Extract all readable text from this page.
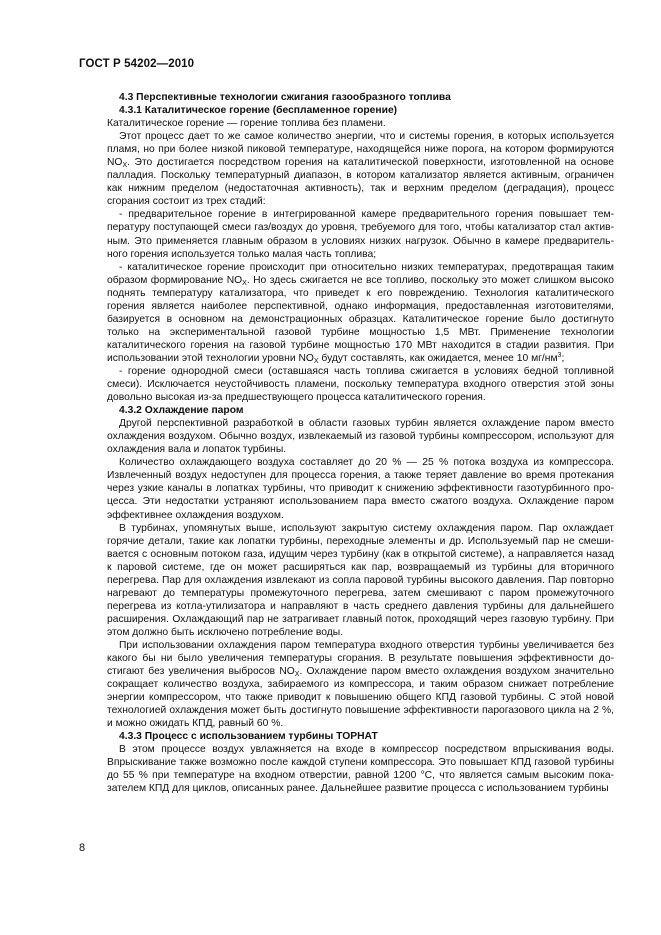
ГОСТ Р 54202—2010

4.3 Перспективные технологии сжигания газообразного топлива

4.3.1 Каталитическое горение (беспламенное горение)

Каталитическое горение — горение топлива без пламени.

Этот процесс дает то же самое количество энергии, что и системы горения, в которых используется пламя, но при более низкой пиковой температуре, находящейся ниже порога, на котором формируются $NO_X$. Это достигается посредством горения на каталитической поверхности, изготовленной на основе палладия. Поскольку температурный диапазон, в котором катализатор является активным, ограничен как нижним пределом (недостаточная активность), так и верхним пределом (деградация), процесс сгорания состоит из трех стадий:

- предварительное горение в интегрированной камере предварительного горения повышает температуру поступающей смеси газ/воздух до уровня, требуемого для того, чтобы катализатор стал активным. Это применяется главным образом в условиях низких нагрузок. Обычно в камере предварительного горения используется только малая часть топлива;

- каталитическое горение происходит при относительно низких температурах, предотвращая таким образом формирование $NO_X$. Но здесь сжигается не все топливо, поскольку это может слишком высоко поднять температуру катализатора, что приведет к его повреждению. Технология каталитического горения является наиболее перспективной, однако информация, предоставленная изготовителями, базируется в основном на демонстрационных образцах. Каталитическое горение было достигнуто только на экспериментальной газовой турбине мощностью 1,5 МВт. Применение технологии каталитического горения на газовой турбине мощностью 170 МВт находится в стадии развития. При использовании этой технологии уровни $NO_X$ будут составлять, как ожидается, менее 10 $мг/нм^3$;

- горение однородной смеси (оставшаяся часть топлива сжигается в условиях бедной топливной смеси). Исключается неустойчивость пламени, поскольку температура входного отверстия этой зоны довольно высокая из-за предшествующего процесса каталитического горения.

4.3.2 Охлаждение паром

Другой перспективной разработкой в области газовых турбин является охлаждение паром вместо охлаждения воздухом. Обычно воздух, извлекаемый из газовой турбины компрессором, используют для охлаждения вала и лопаток турбины.

Количество охлаждающего воздуха составляет до 20 % — 25 % потока воздуха из компрессора. Извлеченный воздух недоступен для процесса горения, а также теряет давление во время протекания через узкие каналы в лопатках турбины, что приводит к снижению эффективности газотурбинного процесса. Эти недостатки устраняют использованием пара вместо сжатого воздуха. Охлаждение паром эффективнее охлаждения воздухом.

В турбинах, упомянутых выше, используют закрытую систему охлаждения паром. Пар охлаждает горячие детали, такие как лопатки турбины, переходные элементы и др. Используемый пар не смешивается с основным потоком газа, идущим через турбину (как в открытой системе), а направляется назад к паровой системе, где он может расширяться как пар, возвращаемый из турбины для вторичного перегрева. Пар для охлаждения извлекают из сопла паровой турбины высокого давления. Пар повторно нагревают до температуры промежуточного перегрева, затем смешивают с паром промежуточного перегрева из котла-утилизатора и направляют в часть среднего давления турбины для дальнейшего расширения. Охлаждающий пар не затрагивает главный поток, проходящий через газовую турбину. При этом должно быть исключено потребление воды.

При использовании охлаждения паром температура входного отверстия турбины увеличивается без какого бы ни было увеличения температуры сгорания. В результате повышения эффективности достигают без увеличения выбросов $NO_X$. Охлаждение паром вместо охлаждения воздухом значительно сокращает количество воздуха, забираемого из компрессора, и таким образом снижает потребление энергии компрессором, что также приводит к повышению общего КПД газовой турбины. С этой новой технологией охлаждения может быть достигнуто повышение эффективности парогазового цикла на 2 %, и можно ожидать КПД, равный 60 %.

4.3.3 Процесс с использованием турбины ТОРНАТ

В этом процессе воздух увлажняется на входе в компрессор посредством впрыскивания воды. Впрыскивание также возможно после каждой ступени компрессора. Это повышает КПД газовой турбины до 55 % при температуре на входном отверстии, равной 1200 °С, что является самым высоким показателем КПД для циклов, описанных ранее. Дальнейшее развитие процесса с использованием турбины

8
